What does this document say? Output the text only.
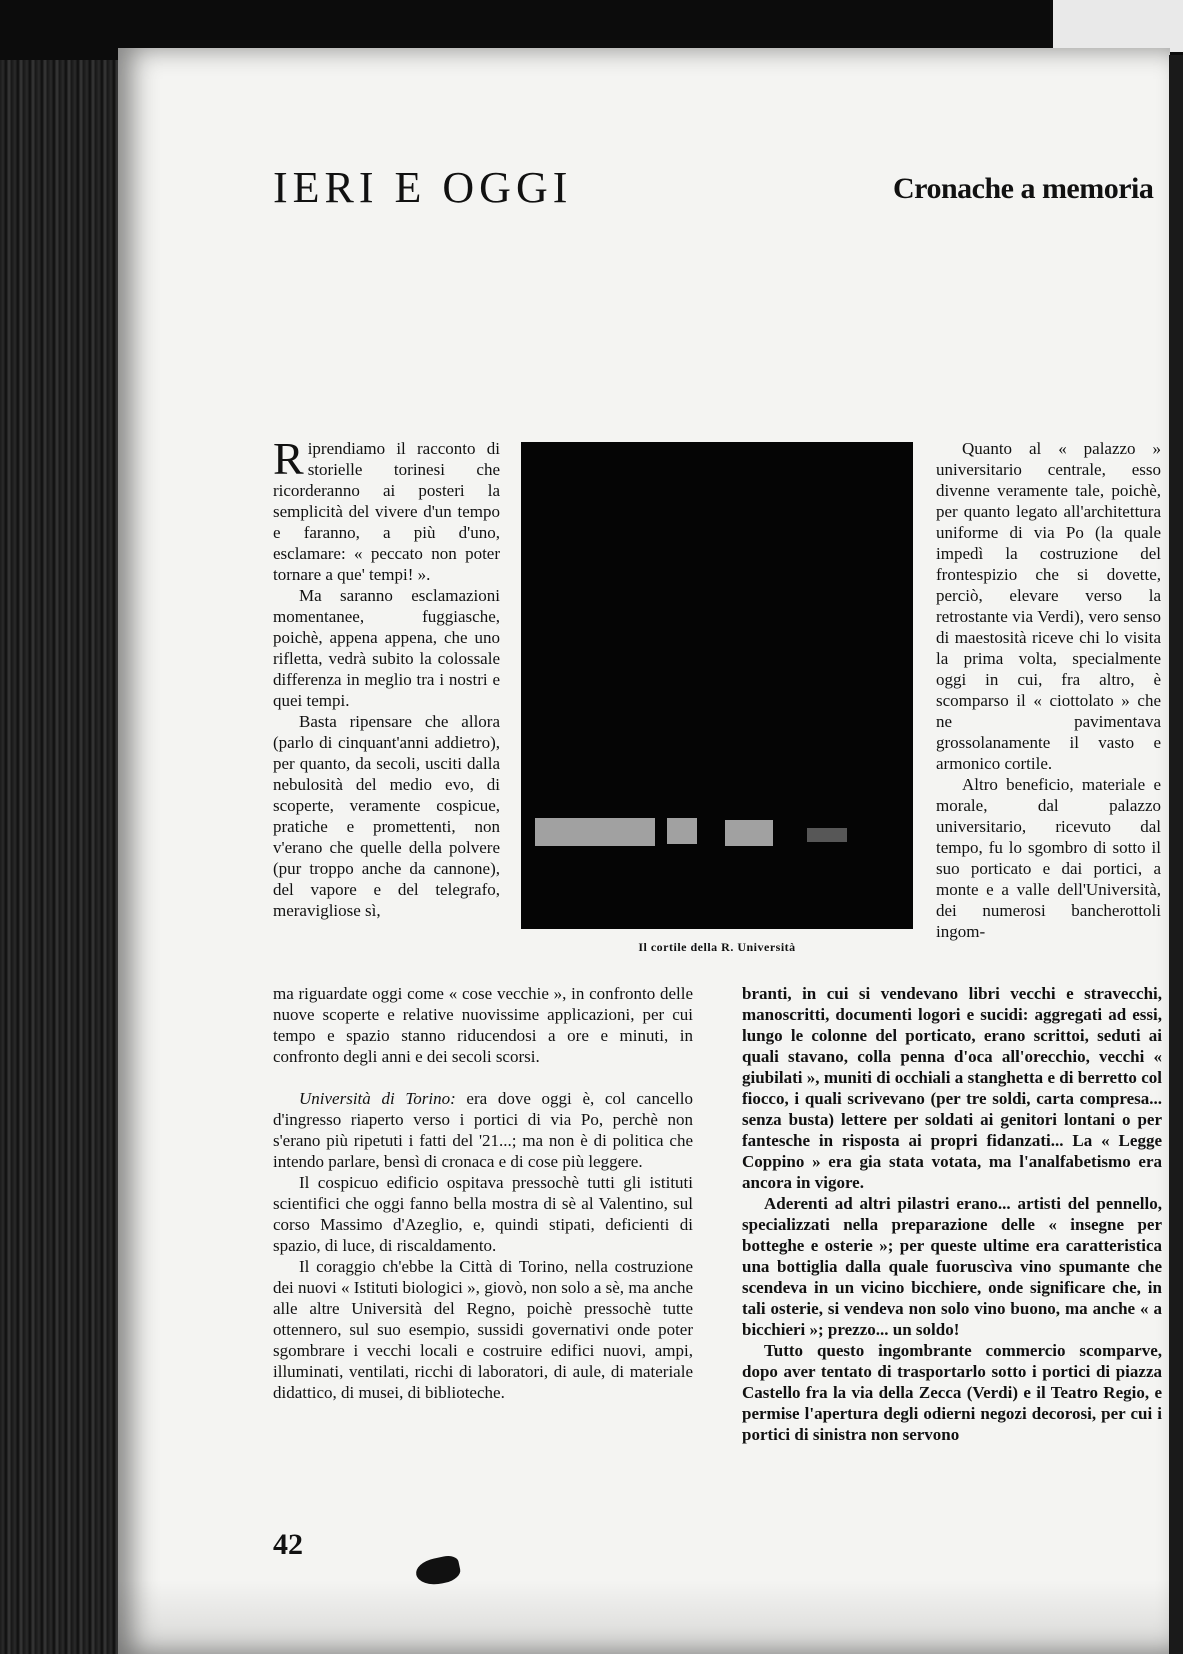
IERI E OGGI	Cronache a memoria

Riprendiamo il racconto di storielle torinesi che ricorderanno ai posteri la semplicità del vivere d'un tempo e faranno, a più d'uno, esclamare: « peccato non poter tornare a que' tempi! ».

Ma saranno esclamazioni momentanee, fuggiasche, poichè, appena appena, che uno rifletta, vedrà subito la colossale differenza in meglio tra i nostri e quei tempi.

Basta ripensare che allora (parlo di cinquant'anni addietro), per quanto, da secoli, usciti dalla nebulosità del medio evo, di scoperte, veramente cospicue, pratiche e promettenti, non v'erano che quelle della polvere (pur troppo anche da cannone), del vapore e del telegrafo, meravigliose sì,

Il cortile della R. Università

Quanto al « palazzo » universitario centrale, esso divenne veramente tale, poichè, per quanto legato all'architettura uniforme di via Po (la quale impedì la costruzione del frontespizio che si dovette, perciò, elevare verso la retrostante via Verdi), vero senso di maestosità riceve chi lo visita la prima volta, specialmente oggi in cui, fra altro, è scomparso il « ciottolato » che ne pavimentava grossolanamente il vasto e armonico cortile.

Altro beneficio, materiale e morale, dal palazzo universitario, ricevuto dal tempo, fu lo sgombro di sotto il suo porticato e dai portici, a monte e a valle dell'Università, dei numerosi bancherottoli ingom-

ma riguardate oggi come « cose vecchie », in confronto delle nuove scoperte e relative nuovissime applicazioni, per cui tempo e spazio stanno riducendosi a ore e minuti, in confronto degli anni e dei secoli scorsi.

Università di Torino: era dove oggi è, col cancello d'ingresso riaperto verso i portici di via Po, perchè non s'erano più ripetuti i fatti del '21...; ma non è di politica che intendo parlare, bensì di cronaca e di cose più leggere.

Il cospicuo edificio ospitava pressochè tutti gli istituti scientifici che oggi fanno bella mostra di sè al Valentino, sul corso Massimo d'Azeglio, e, quindi stipati, deficienti di spazio, di luce, di riscaldamento.

Il coraggio ch'ebbe la Città di Torino, nella costruzione dei nuovi « Istituti biologici », giovò, non solo a sè, ma anche alle altre Università del Regno, poichè pressochè tutte ottennero, sul suo esempio, sussidi governativi onde poter sgombrare i vecchi locali e costruire edifici nuovi, ampi, illuminati, ventilati, ricchi di laboratori, di aule, di materiale didattico, di musei, di biblioteche.

branti, in cui si vendevano libri vecchi e stravecchi, manoscritti, documenti logori e sucidi: aggregati ad essi, lungo le colonne del porticato, erano scrittoi, seduti ai quali stavano, colla penna d'oca all'orecchio, vecchi « giubilati », muniti di occhiali a stanghetta e di berretto col fiocco, i quali scrivevano (per tre soldi, carta compresa... senza busta) lettere per soldati ai genitori lontani o per fantesche in risposta ai propri fidanzati... La « Legge Coppino » era gia stata votata, ma l'analfabetismo era ancora in vigore.

Aderenti ad altri pilastri erano... artisti del pennello, specializzati nella preparazione delle « insegne per botteghe e osterie »; per queste ultime era caratteristica una bottiglia dalla quale fuoruscìva vino spumante che scendeva in un vicino bicchiere, onde significare che, in tali osterie, si vendeva non solo vino buono, ma anche « a bicchieri »; prezzo... un soldo!

Tutto questo ingombrante commercio scomparve, dopo aver tentato di trasportarlo sotto i portici di piazza Castello fra la via della Zecca (Verdi) e il Teatro Regio, e permise l'apertura degli odierni negozi decorosi, per cui i portici di sinistra non servono

42
